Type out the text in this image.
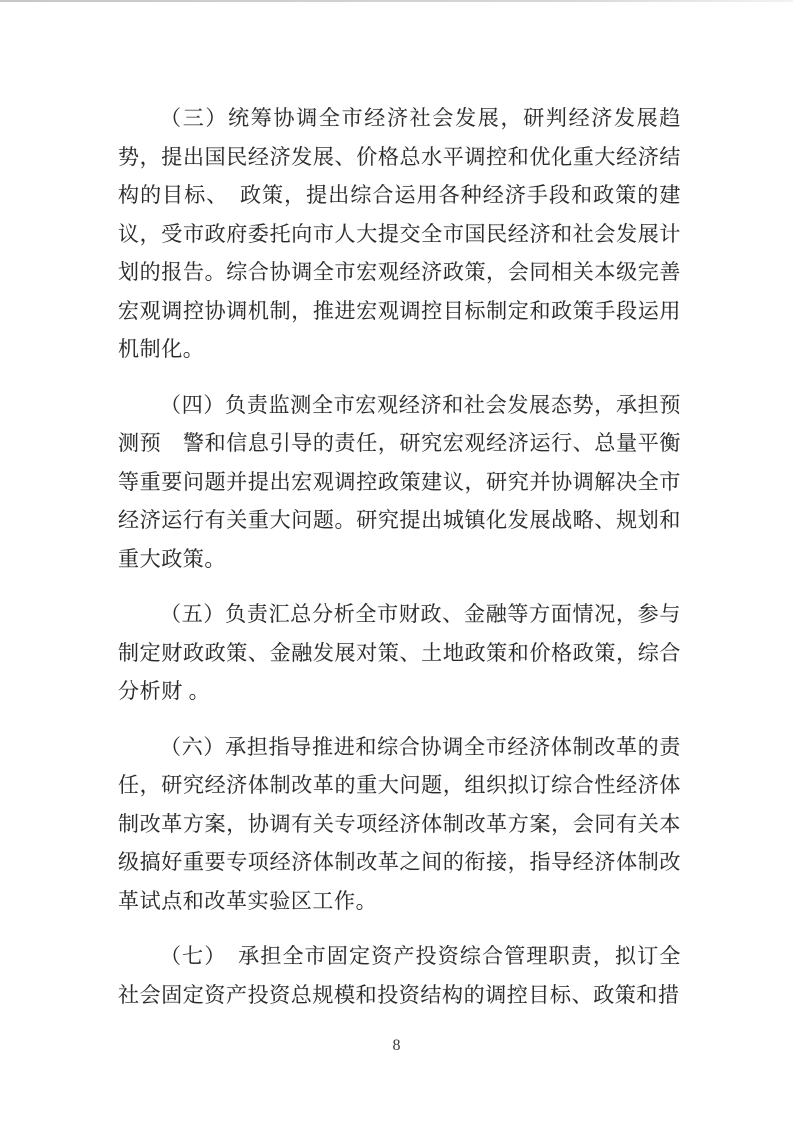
（三）统筹协调全市经济社会发展，研判经济发展趋势，提出国民经济发展、价格总水平调控和优化重大经济结构的目标、　政策，提出综合运用各种经济手段和政策的建议，受市政府委托向市人大提交全市国民经济和社会发展计划的报告。综合协调全市宏观经济政策，会同相关本级完善宏观调控协调机制，推进宏观调控目标制定和政策手段运用机制化。

（四）负责监测全市宏观经济和社会发展态势，承担预测预　警和信息引导的责任，研究宏观经济运行、总量平衡等重要问题并提出宏观调控政策建议，研究并协调解决全市经济运行有关重大问题。研究提出城镇化发展战略、规划和重大政策。

（五）负责汇总分析全市财政、金融等方面情况，参与制定财政政策、金融发展对策、土地政策和价格政策，综合分析财 。

（六）承担指导推进和综合协调全市经济体制改革的责任，研究经济体制改革的重大问题，组织拟订综合性经济体制改革方案，协调有关专项经济体制改革方案，会同有关本级搞好重要专项经济体制改革之间的衔接，指导经济体制改革试点和改革实验区工作。

（七）　承担全市固定资产投资综合管理职责，拟订全社会固定资产投资总规模和投资结构的调控目标、政策和措

8
